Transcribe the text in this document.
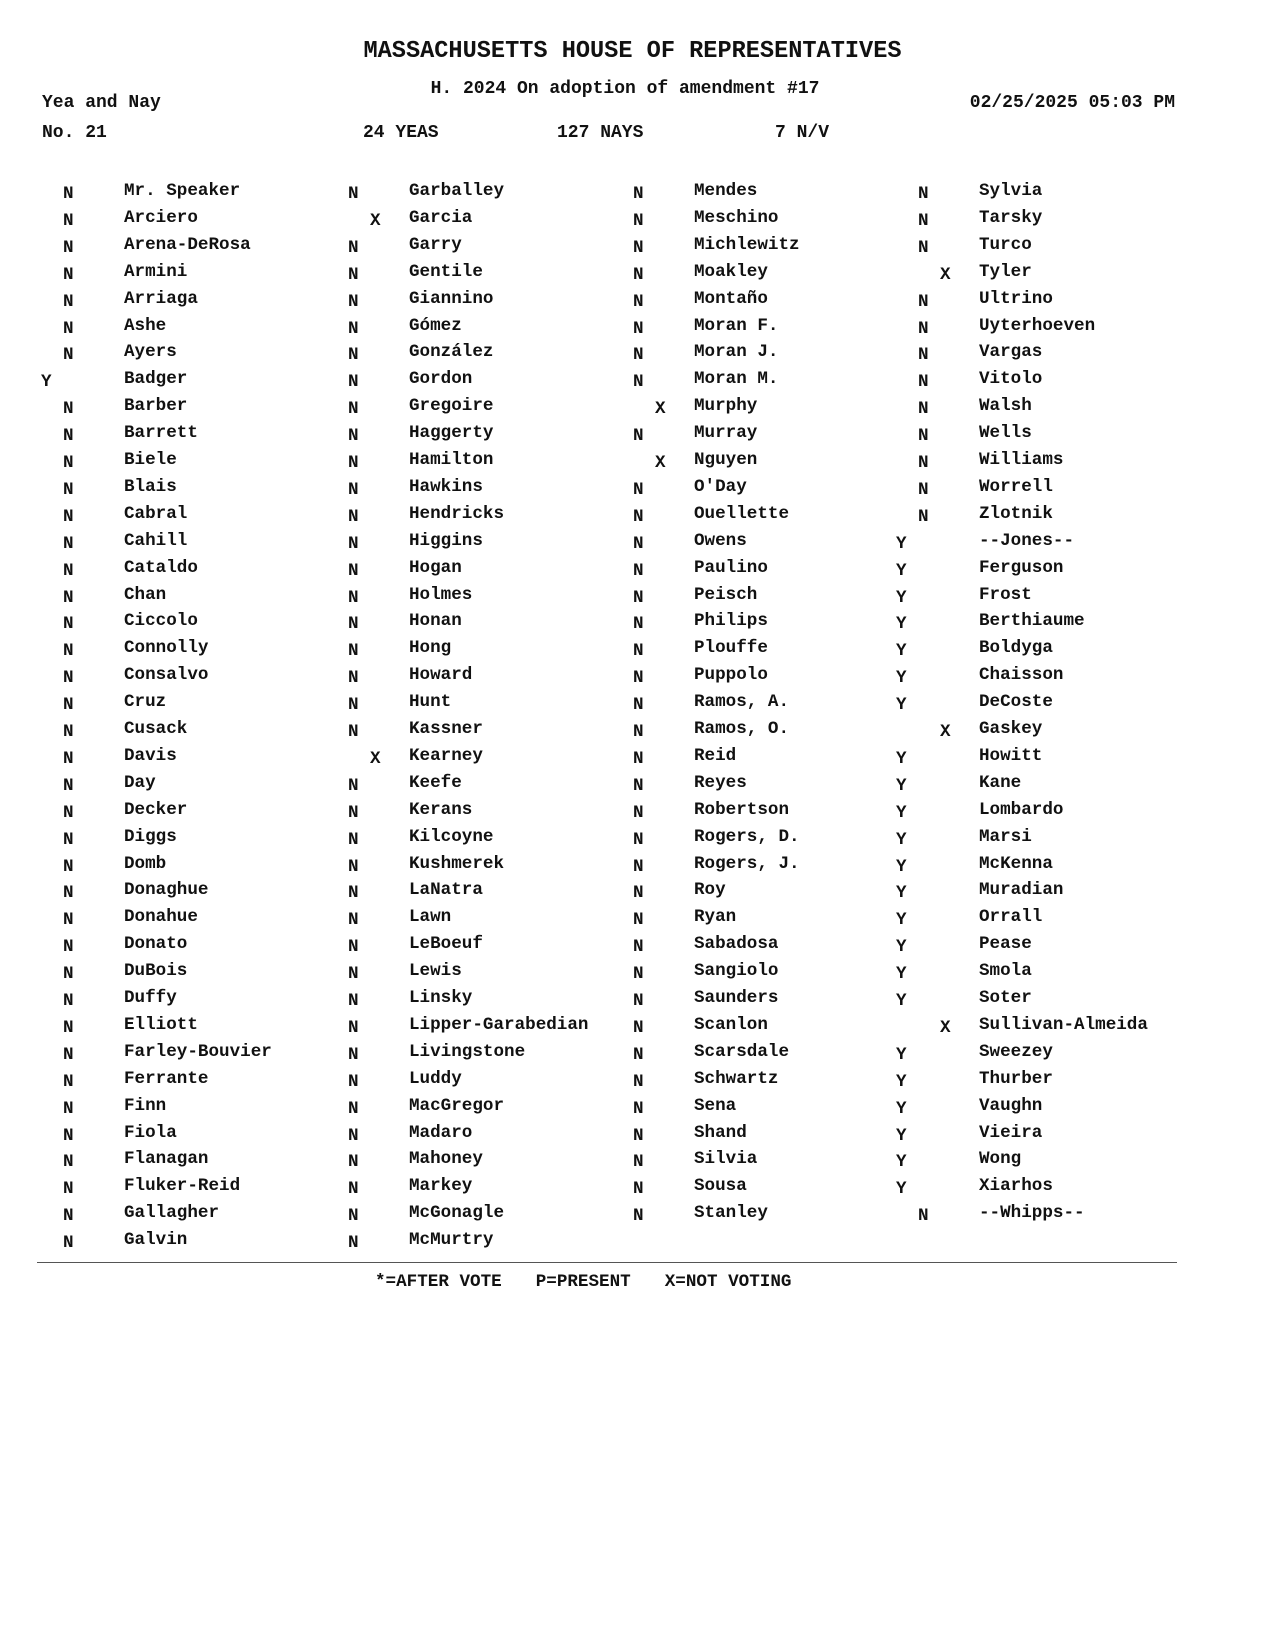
MASSACHUSETTS HOUSE OF REPRESENTATIVES
H. 2024 On adoption of amendment #17
Yea and Nay	02/25/2025 05:03 PM
No. 21	24 YEAS	127 NAYS	7 N/V
N	Mr. Speaker
N	Arciero
N	Arena-DeRosa
N	Armini
N	Arriaga
N	Ashe
N	Ayers
Y	Badger
N	Barber
N	Barrett
N	Biele
N	Blais
N	Cabral
N	Cahill
N	Cataldo
N	Chan
N	Ciccolo
N	Connolly
N	Consalvo
N	Cruz
N	Cusack
N	Davis
N	Day
N	Decker
N	Diggs
N	Domb
N	Donaghue
N	Donahue
N	Donato
N	DuBois
N	Duffy
N	Elliott
N	Farley-Bouvier
N	Ferrante
N	Finn
N	Fiola
N	Flanagan
N	Fluker-Reid
N	Gallagher
N	Galvin
N	Garballey
X Garcia
N	Garry
N	Gentile
N	Giannino
N	Gómez
N	González
N	Gordon
N	Gregoire
N	Haggerty
N	Hamilton
N	Hawkins
N	Hendricks
N	Higgins
N	Hogan
N	Holmes
N	Honan
N	Hong
N	Howard
N	Hunt
N	Kassner
X Kearney
N	Keefe
N	Kerans
N	Kilcoyne
N	Kushmerek
N	LaNatra
N	Lawn
N	LeBoeuf
N	Lewis
N	Linsky
N	Lipper-Garabedian
N	Livingstone
N	Luddy
N	MacGregor
N	Madaro
N	Mahoney
N	Markey
N	McGonagle
N	McMurtry
N	Mendes
N	Meschino
N	Michlewitz
N	Moakley
N	Montaño
N	Moran F.
N	Moran J.
N	Moran M.
X Murphy
N	Murray
X Nguyen
N	O'Day
N	Ouellette
N	Owens
N	Paulino
N	Peisch
N	Philips
N	Plouffe
N	Puppolo
N	Ramos, A.
N	Ramos, O.
N	Reid
N	Reyes
N	Robertson
N	Rogers, D.
N	Rogers, J.
N	Roy
N	Ryan
N	Sabadosa
N	Sangiolo
N	Saunders
N	Scanlon
N	Scarsdale
N	Schwartz
N	Sena
N	Shand
N	Silvia
N	Sousa
N	Stanley
N	Sylvia
N	Tarsky
N	Turco
X Tyler
N	Ultrino
N	Uyterhoeven
N	Vargas
N	Vitolo
N	Walsh
N	Wells
N	Williams
N	Worrell
N	Zlotnik
Y	--Jones--
Y	Ferguson
Y	Frost
Y	Berthiaume
Y	Boldyga
Y	Chaisson
Y	DeCoste
X Gaskey
Y	Howitt
Y	Kane
Y	Lombardo
Y	Marsi
Y	McKenna
Y	Muradian
Y	Orrall
Y	Pease
Y	Smola
Y	Soter
X Sullivan-Almeida
Y	Sweezey
Y	Thurber
Y	Vaughn
Y	Vieira
Y	Wong
Y	Xiarhos
N	--Whipps--
*=AFTER VOTE P=PRESENT X=NOT VOTING
